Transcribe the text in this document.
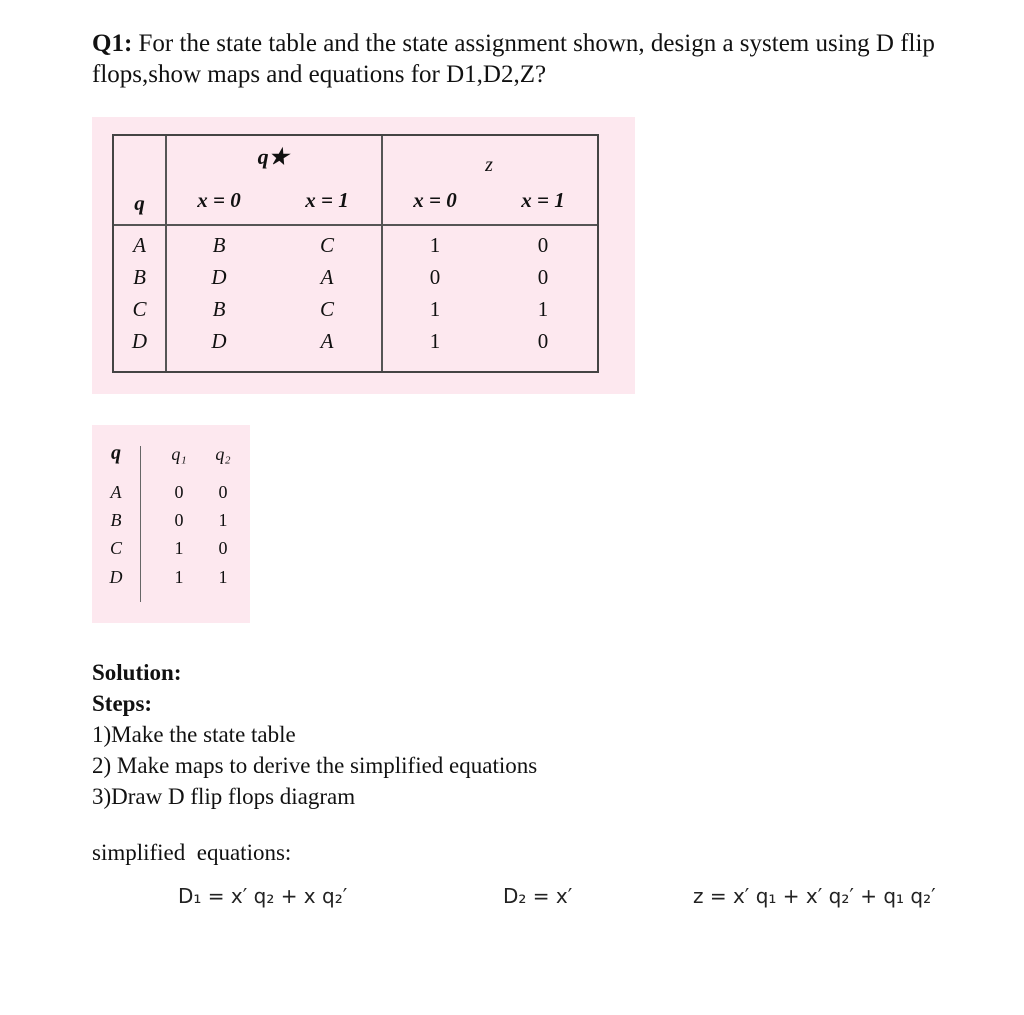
Q1: For the state table and the state assignment shown, design a system using D flip flops,show maps and equations for D1,D2,Z?
q★	z
q	x = 0	x = 1	x = 0	x = 1
A	B	C	1	0
B	D	A	0	0
C	B	C	1	1
D	D	A	1	0
q	q₁	q₂
A	0	0
B	0	1
C	1	0
D	1	1
Solution:
Steps:
1)Make the state table
2) Make maps to derive the simplified equations
3)Draw D flip flops diagram
simplified  equations:
D₁ = x′ q₂ + x q₂′	D₂ = x′	z = x′ q₁ + x′ q₂′ + q₁ q₂′
